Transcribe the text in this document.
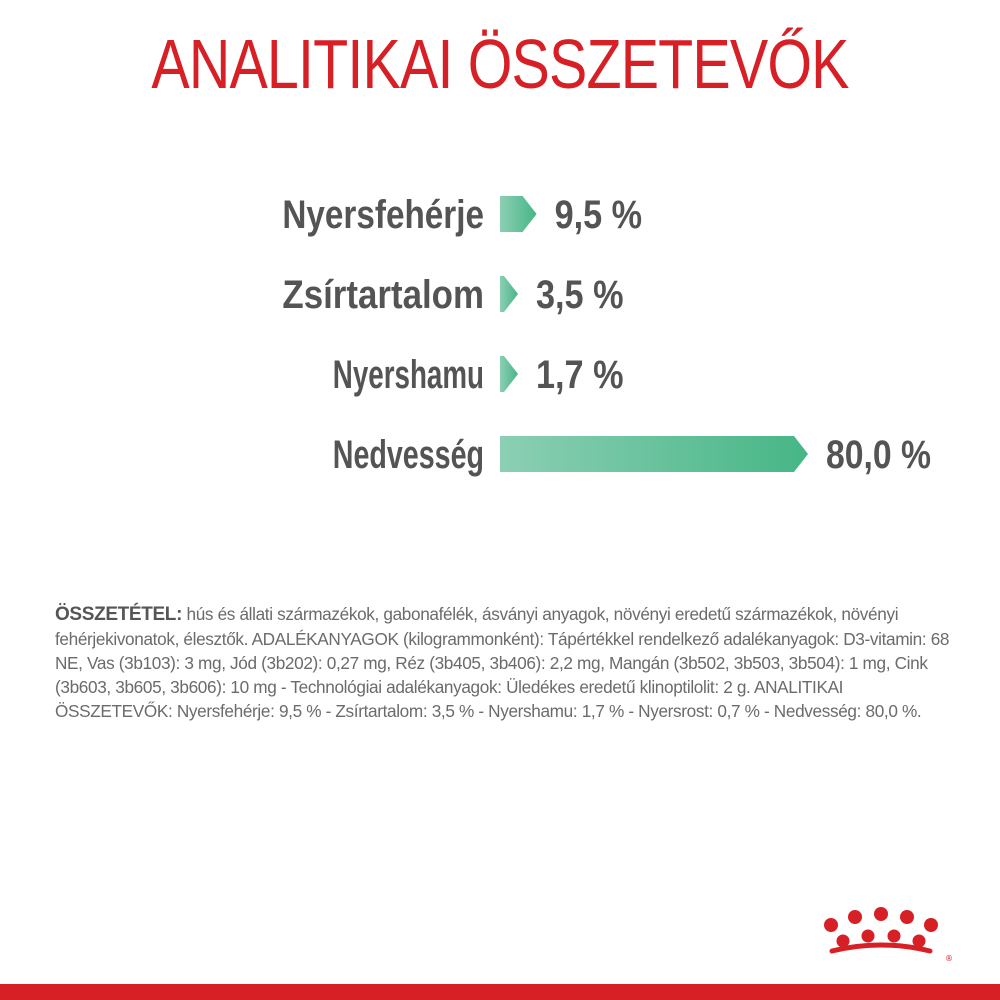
ANALITIKAI ÖSSZETEVŐK
Nyersfehérje 9,5 %
Zsírtartalom 3,5 %
Nyershamu 1,7 %
Nedvesség	80,0 %

ÖSSZETÉTEL: hús és állati származékok, gabonafélék, ásványi anyagok, növényi eredetű származékok, növényi fehérjekivonatok, élesztők. ADALÉKANYAGOK (kilogrammonként): Tápértékkel rendelkező adalékanyagok: D3-vitamin: 68 NE, Vas (3b103): 3 mg, Jód (3b202): 0,27 mg, Réz (3b405, 3b406): 2,2 mg, Mangán (3b502, 3b503, 3b504): 1 mg, Cink (3b603, 3b605, 3b606): 10 mg - Technológiai adalékanyagok: Üledékes eredetű klinoptilolit: 2 g. ANALITIKAI ÖSSZETEVŐK: Nyersfehérje: 9,5 % - Zsírtartalom: 3,5 % - Nyershamu: 1,7 % - Nyersrost: 0,7 % - Nedvesség: 80,0 %.

®
